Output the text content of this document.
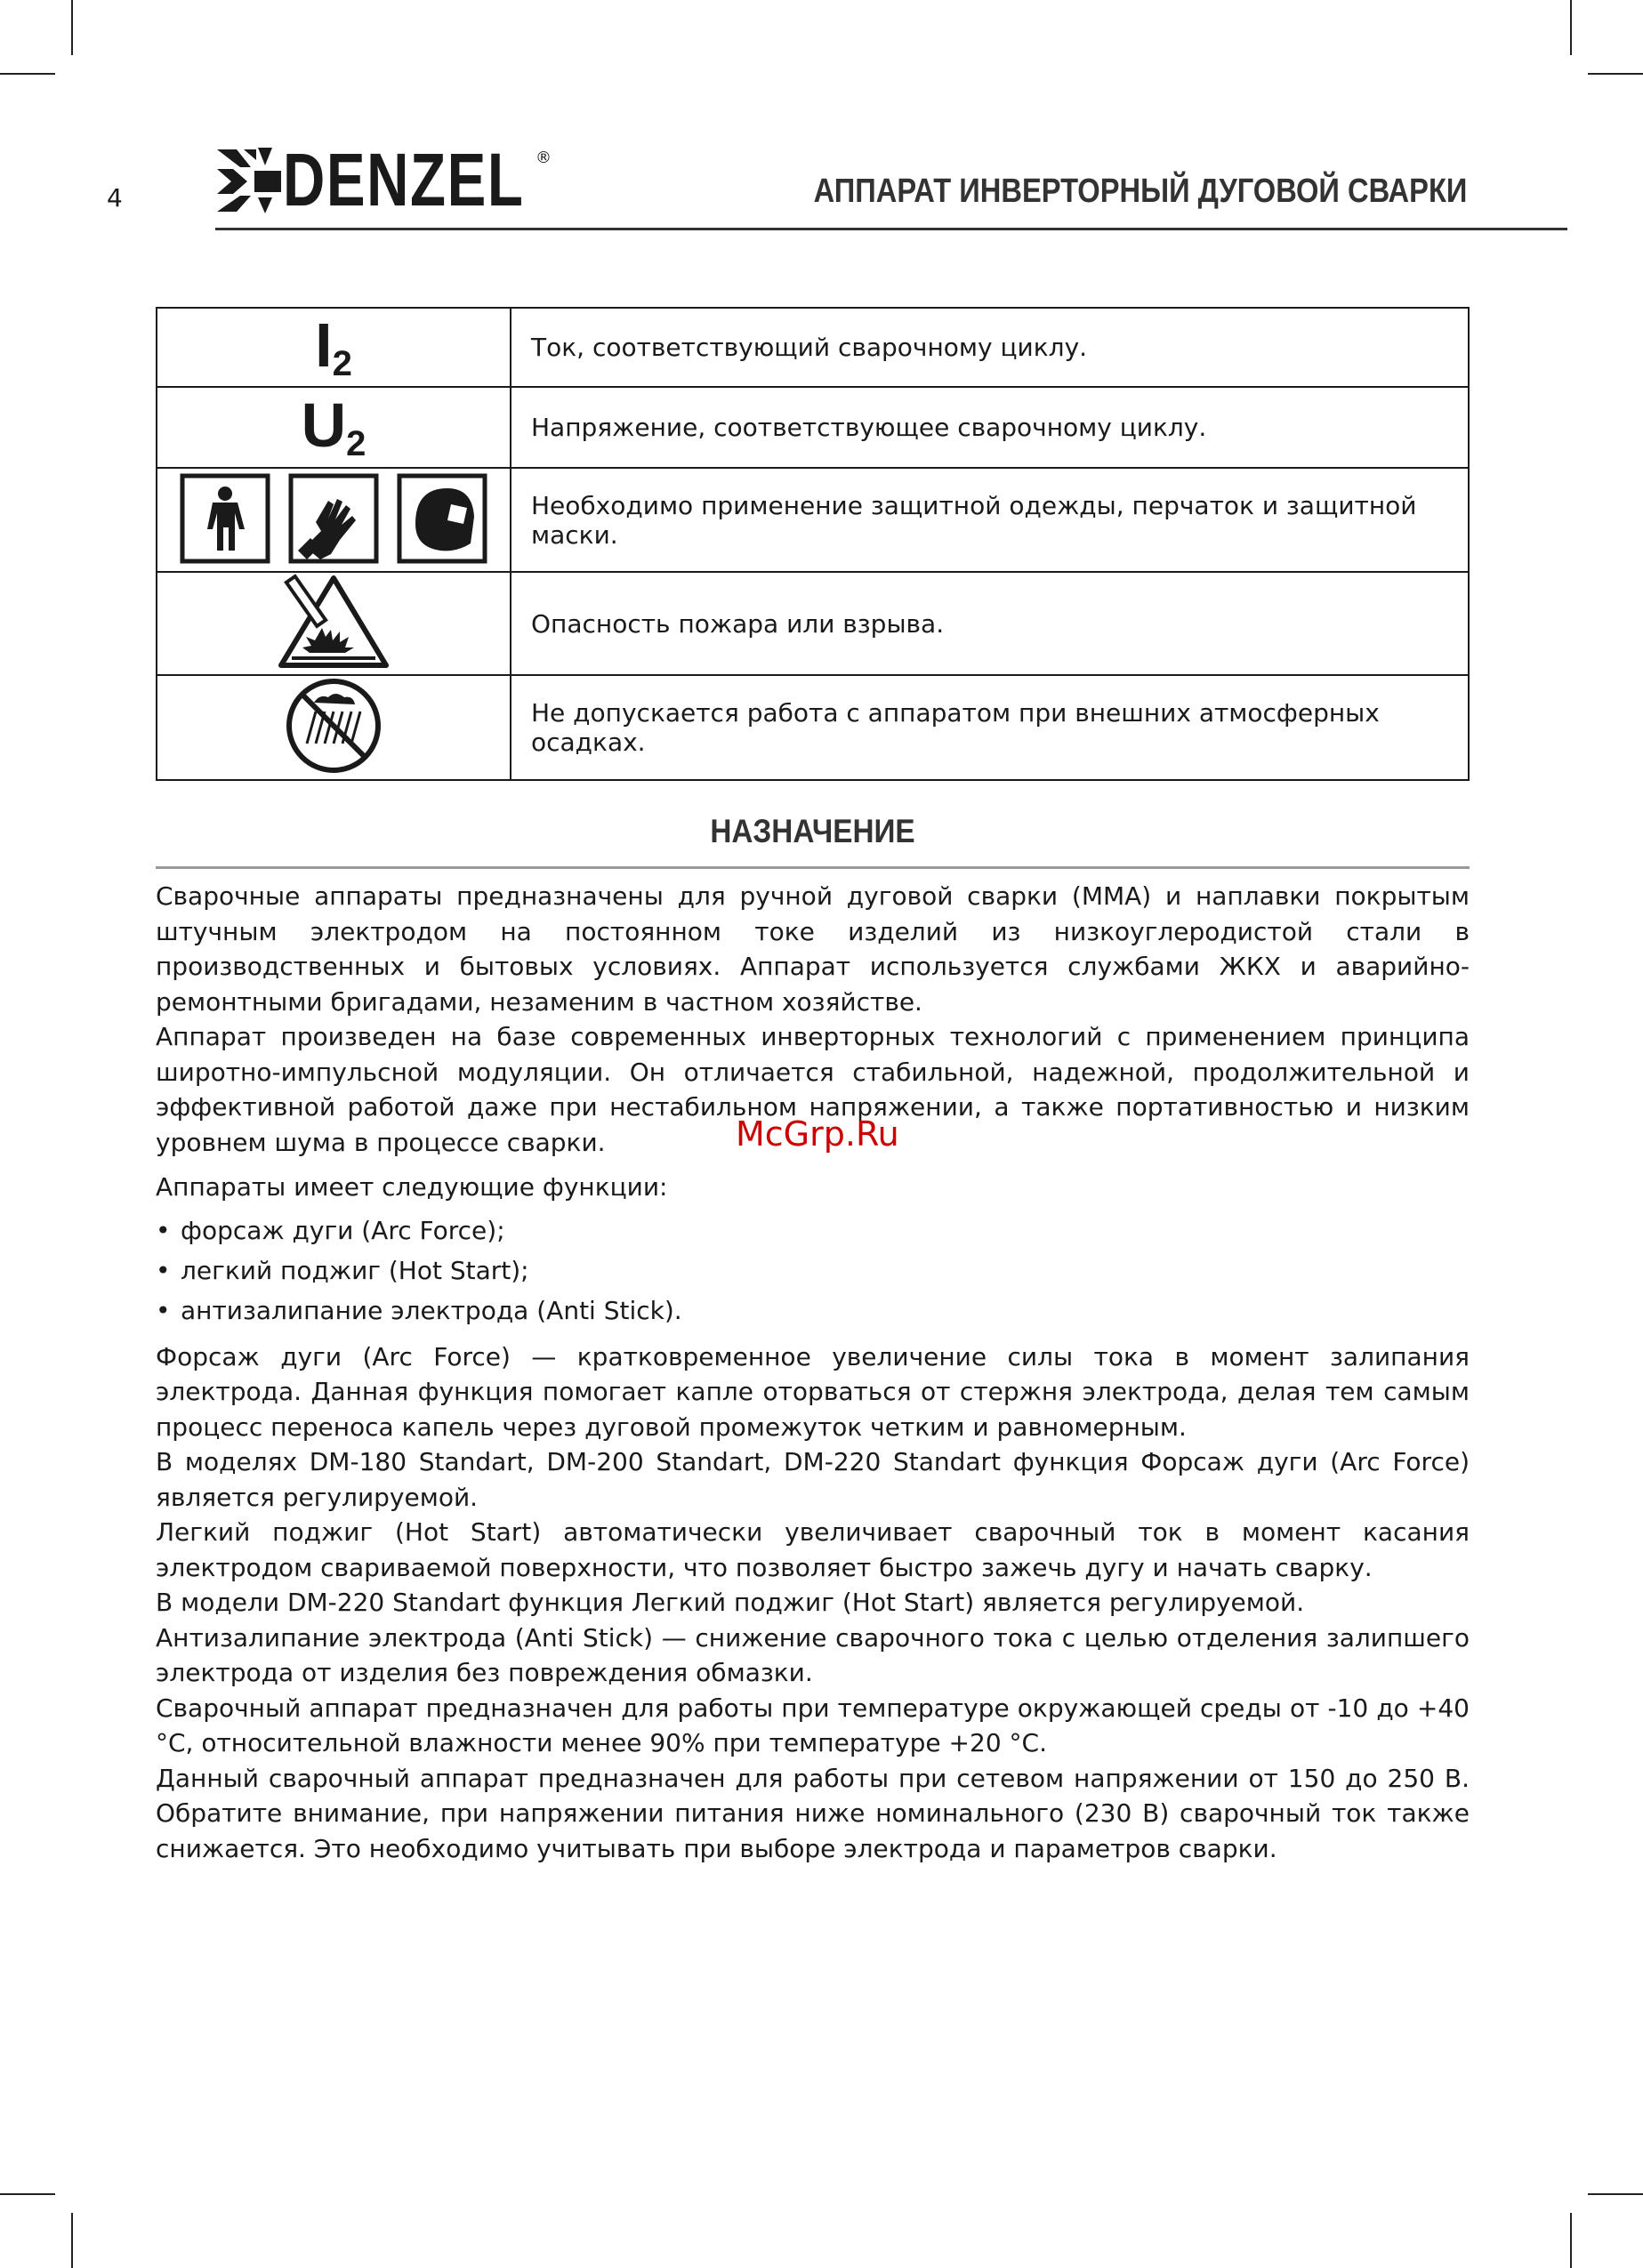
4 DENZEL ®
АППАРАТ ИНВЕРТОРНЫЙ ДУГОВОЙ СВАРКИ
$I_2$	Ток, соответствующий сварочному циклу.
$U_2$	Напряжение, соответствующее сварочному циклу.
	Необходимо применение защитной одежды, перчаток и защитной маски.
	Опасность пожара или взрыва.
	Не допускается работа с аппаратом при внешних атмосферных осадках.
НАЗНАЧЕНИЕ

Сварочные аппараты предназначены для ручной дуговой сварки (ММА) и наплавки покрытым штучным электродом на постоянном токе изделий из низкоуглеродистой стали в производственных и бытовых условиях. Аппарат используется службами ЖКХ и аварийно-ремонтными бригадами, незаменим в частном хозяйстве.

Аппарат произведен на базе современных инверторных технологий с применением принципа широтно-импульсной модуляции. Он отличается стабильной, надежной, продолжительной и эффективной работой даже при нестабильном напряжении, а также портативностью и низким уровнем шума в процессе сварки.

Аппараты имеет следующие функции:

• форсаж дуги (Arc Force);
• легкий поджиг (Hot Start);
• антизалипание электрода (Anti Stick).

Форсаж дуги (Arc Force) — кратковременное увеличение силы тока в момент залипания электрода. Данная функция помогает капле оторваться от стержня электрода, делая тем самым процесс переноса капель через дуговой промежуток четким и равномерным.

В моделях DM-180 Standart, DM-200 Standart, DM-220 Standart функция Форсаж дуги (Arc Force) является регулируемой.

Легкий поджиг (Hot Start) автоматически увеличивает сварочный ток в момент касания электродом свариваемой поверхности, что позволяет быстро зажечь дугу и начать сварку.

В модели DM-220 Standart функция Легкий поджиг (Hot Start) является регулируемой.

Антизалипание электрода (Anti Stick) — снижение сварочного тока с целью отделения залипшего электрода от изделия без повреждения обмазки.

Сварочный аппарат предназначен для работы при температуре окружающей среды от -10 до +40 °С, относительной влажности менее 90% при температуре +20 °С.

Данный сварочный аппарат предназначен для работы при сетевом напряжении от 150 до 250 В. Обратите внимание, при напряжении питания ниже номинального (230 В) сварочный ток также снижается. Это необходимо учитывать при выборе электрода и параметров сварки.

McGrp.Ru
